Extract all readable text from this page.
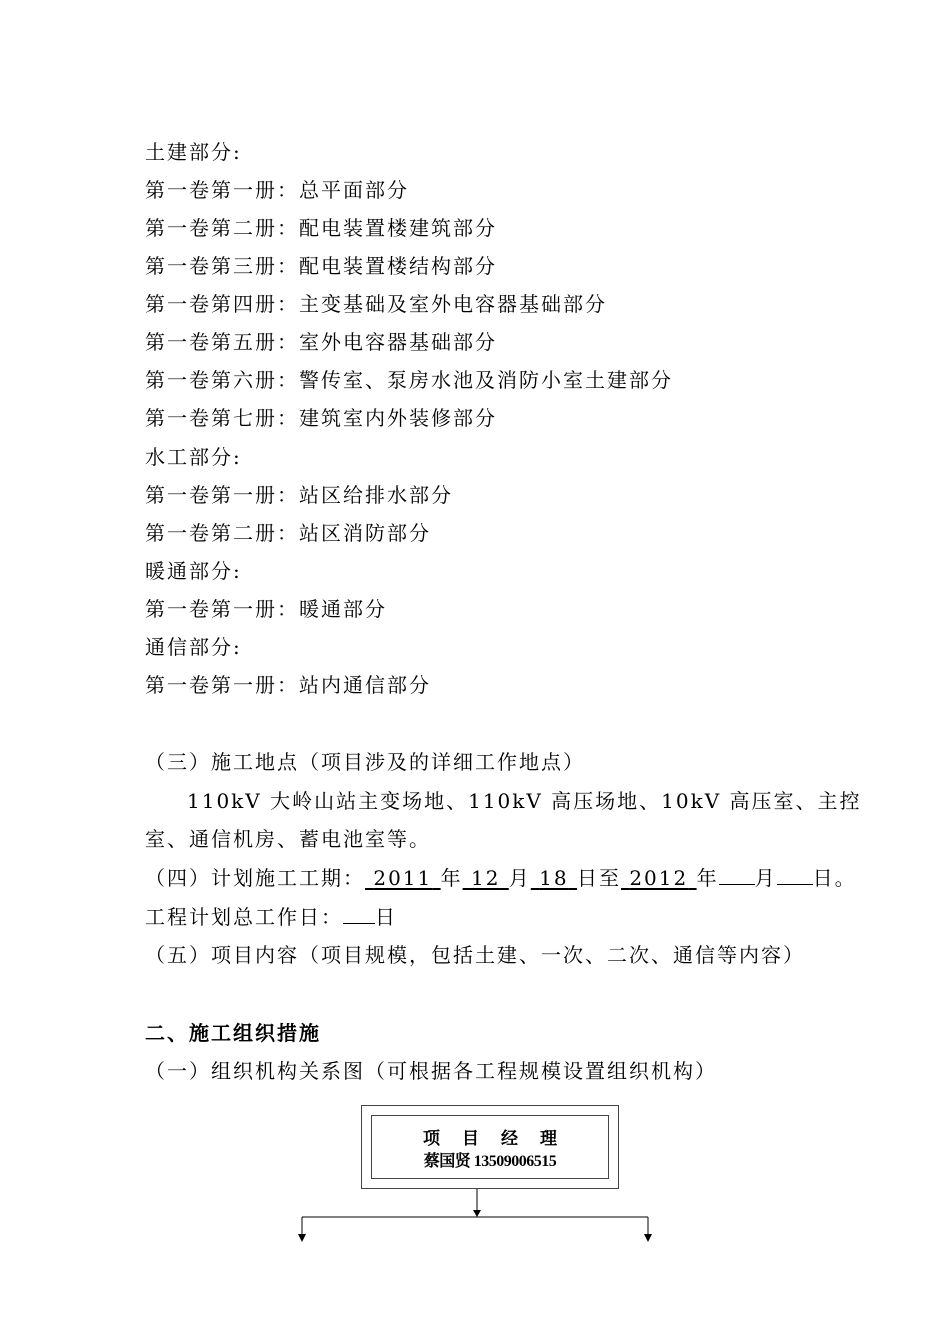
土建部分:
第一卷第一册：总平面部分
第一卷第二册：配电装置楼建筑部分
第一卷第三册：配电装置楼结构部分
第一卷第四册：主变基础及室外电容器基础部分
第一卷第五册：室外电容器基础部分
第一卷第六册：警传室、泵房水池及消防小室土建部分
第一卷第七册：建筑室内外装修部分
水工部分:
第一卷第一册：站区给排水部分
第一卷第二册：站区消防部分
暖通部分:
第一卷第一册：暖通部分
通信部分:
第一卷第一册：站内通信部分
（三）施工地点（项目涉及的详细工作地点）
110kV 大岭山站主变场地、110kV 高压场地、10kV 高压室、主控
室、通信机房、蓄电池室等。
（四）计划施工工期： 2011 年 12 月 18 日至 2012 年 月 日。
工程计划总工作日： 日
（五）项目内容（项目规模，包括土建、一次、二次、通信等内容）
二、施工组织措施
（一）组织机构关系图（可根据各工程规模设置组织机构）
项目经理
蔡国贤 13509006515
